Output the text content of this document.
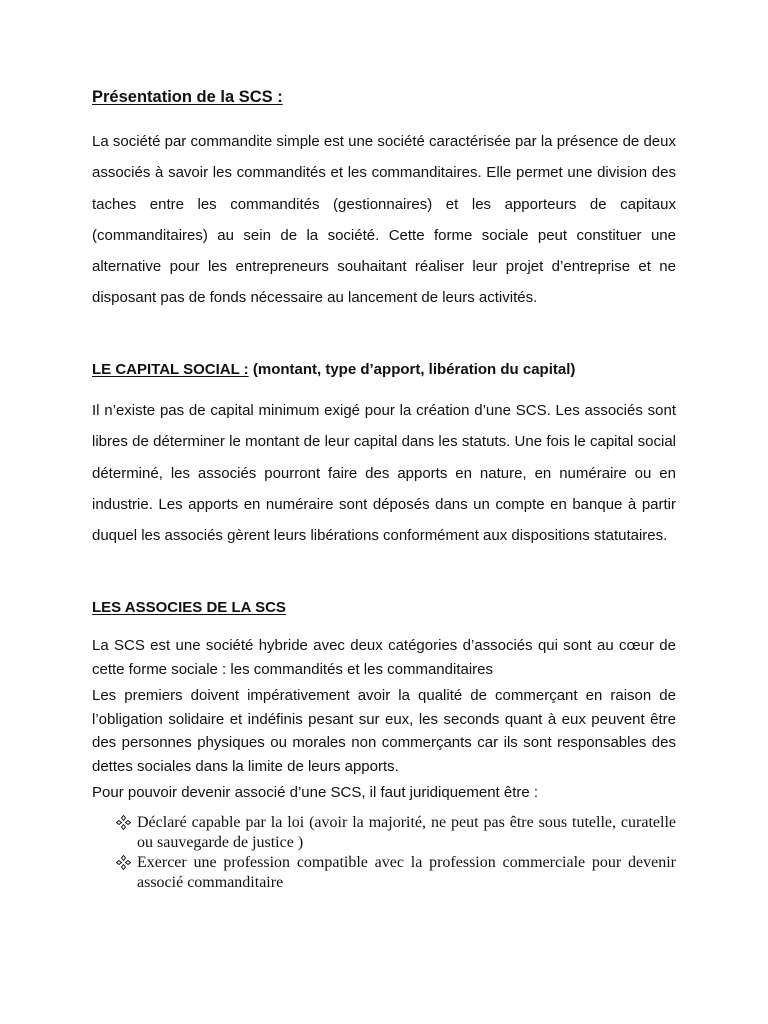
Présentation de la SCS :

La société par commandite simple est une société caractérisée par la présence de deux associés à savoir les commandités et les commanditaires. Elle permet une division des taches entre les commandités (gestionnaires) et les apporteurs de capitaux (commanditaires) au sein de la société. Cette forme sociale peut constituer une alternative pour les entrepreneurs souhaitant réaliser leur projet d’entreprise et ne disposant pas de fonds nécessaire au lancement de leurs activités.

LE CAPITAL SOCIAL : (montant, type d’apport, libération du capital)

Il n’existe pas de capital minimum exigé pour la création d’une SCS. Les associés sont libres de déterminer le montant de leur capital dans les statuts. Une fois le capital social déterminé, les associés pourront faire des apports en nature, en numéraire ou en industrie. Les apports en numéraire sont déposés dans un compte en banque à partir duquel les associés gèrent leurs libérations conformément aux dispositions statutaires.

LES ASSOCIES DE LA SCS

La SCS est une société hybride avec deux catégories d’associés qui sont au cœur de cette forme sociale : les commandités et les commanditaires

Les premiers doivent impérativement avoir la qualité de commerçant en raison de l’obligation solidaire et indéfinis pesant sur eux, les seconds quant à eux peuvent être des personnes physiques ou morales non commerçants car ils sont responsables des dettes sociales dans la limite de leurs apports.

Pour pouvoir devenir associé d’une SCS, il faut juridiquement être :

Déclaré capable par la loi (avoir la majorité, ne peut pas être sous tutelle, curatelle ou sauvegarde de justice )
Exercer une profession compatible avec la profession commerciale pour devenir associé commanditaire
